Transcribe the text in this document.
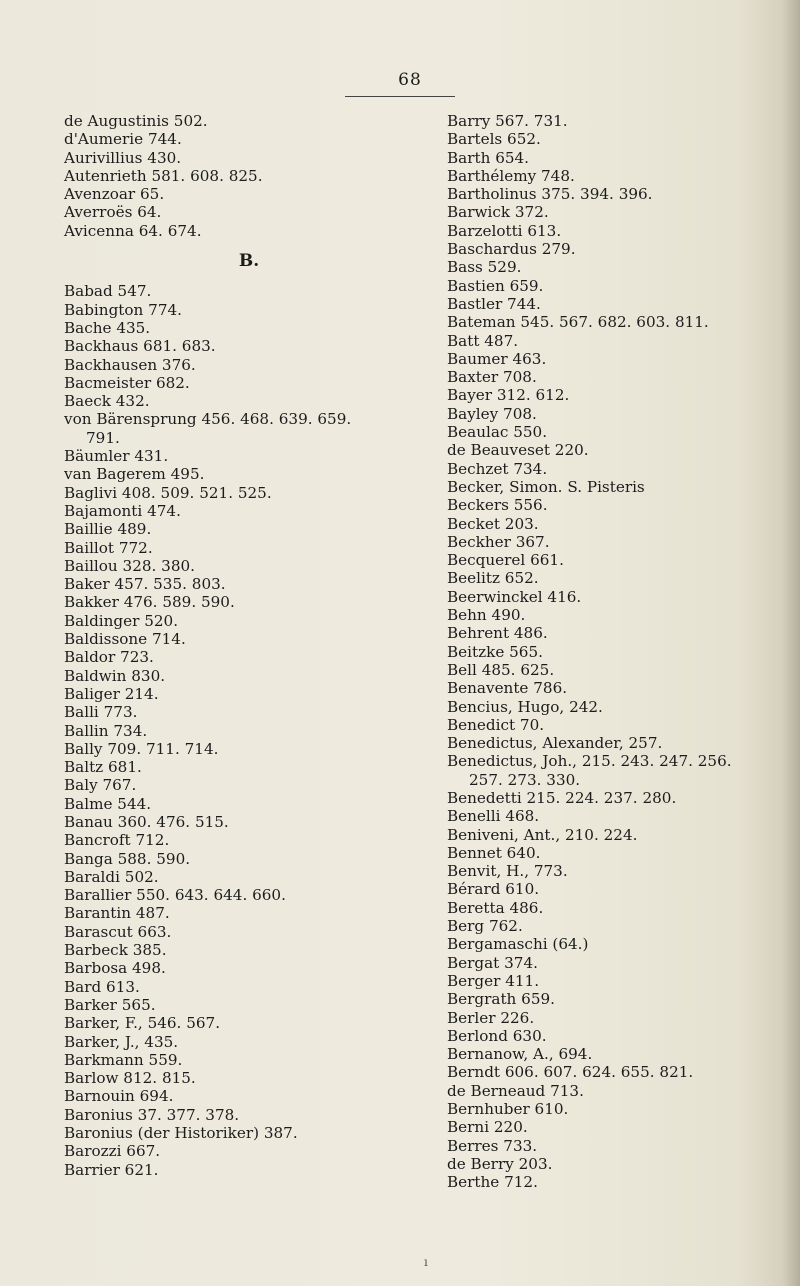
68
de Augustinis 502.
d'Aumerie 744.
Aurivillius 430.
Autenrieth 581. 608. 825.
Avenzoar 65.
Averroës 64.
Avicenna 64. 674.
B.
Babad 547.
Babington 774.
Bache 435.
Backhaus 681. 683.
Backhausen 376.
Bacmeister 682.
Baeck 432.
von Bärensprung 456. 468. 639. 659.
791.
Bäumler 431.
van Bagerem 495.
Baglivi 408. 509. 521. 525.
Bajamonti 474.
Baillie 489.
Baillot 772.
Baillou 328. 380.
Baker 457. 535. 803.
Bakker 476. 589. 590.
Baldinger 520.
Baldissone 714.
Baldor 723.
Baldwin 830.
Baliger 214.
Balli 773.
Ballin 734.
Bally 709. 711. 714.
Baltz 681.
Baly 767.
Balme 544.
Banau 360. 476. 515.
Bancroft 712.
Banga 588. 590.
Baraldi 502.
Barallier 550. 643. 644. 660.
Barantin 487.
Barascut 663.
Barbeck 385.
Barbosa 498.
Bard 613.
Barker 565.
Barker, F., 546. 567.
Barker, J., 435.
Barkmann 559.
Barlow 812. 815.
Barnouin 694.
Baronius 37. 377. 378.
Baronius (der Historiker) 387.
Barozzi 667.
Barrier 621.
Barry 567. 731.
Bartels 652.
Barth 654.
Barthélemy 748.
Bartholinus 375. 394. 396.
Barwick 372.
Barzelotti 613.
Baschardus 279.
Bass 529.
Bastien 659.
Bastler 744.
Bateman 545. 567. 682. 603. 811.
Batt 487.
Baumer 463.
Baxter 708.
Bayer 312. 612.
Bayley 708.
Beaulac 550.
de Beauveset 220.
Bechzet 734.
Becker, Simon. S. Pisteris
Beckers 556.
Becket 203.
Beckher 367.
Becquerel 661.
Beelitz 652.
Beerwinckel 416.
Behn 490.
Behrent 486.
Beitzke 565.
Bell 485. 625.
Benavente 786.
Bencius, Hugo, 242.
Benedict 70.
Benedictus, Alexander, 257.
Benedictus, Joh., 215. 243. 247. 256.
257. 273. 330.
Benedetti 215. 224. 237. 280.
Benelli 468.
Beniveni, Ant., 210. 224.
Bennet 640.
Benvit, H., 773.
Bérard 610.
Beretta 486.
Berg 762.
Bergamaschi (64.)
Bergat 374.
Berger 411.
Bergrath 659.
Berler 226.
Berlond 630.
Bernanow, A., 694.
Berndt 606. 607. 624. 655. 821.
de Berneaud 713.
Bernhuber 610.
Berni 220.
Berres 733.
de Berry 203.
Berthe 712.
ı
